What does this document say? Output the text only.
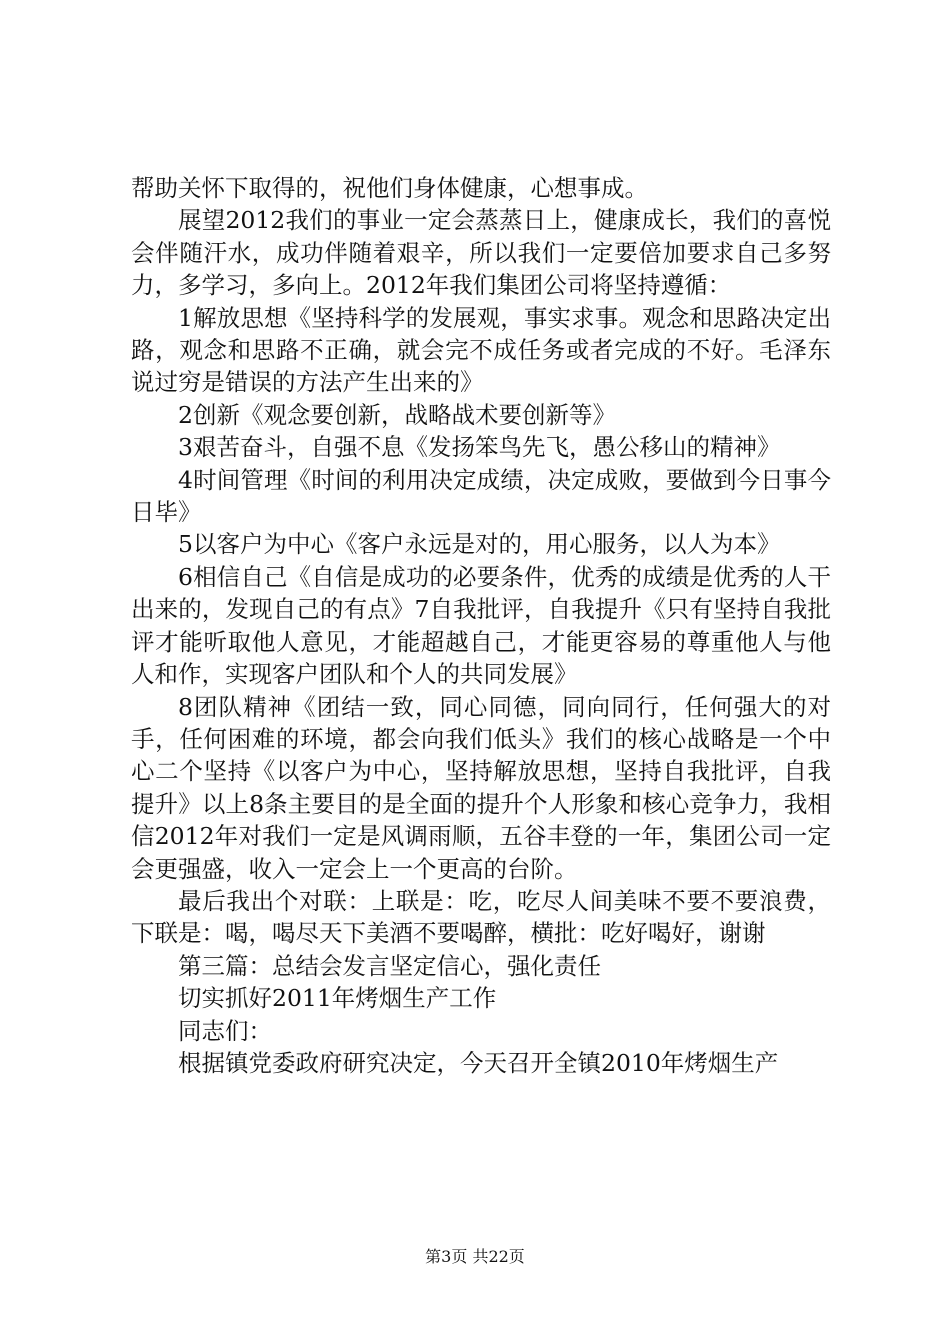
帮助关怀下取得的，祝他们身体健康，心想事成。

展望2012我们的事业一定会蒸蒸日上，健康成长，我们的喜悦会伴随汗水，成功伴随着艰辛，所以我们一定要倍加要求自己多努力，多学习，多向上。2012年我们集团公司将坚持遵循：

1解放思想《坚持科学的发展观，事实求事。观念和思路决定出路，观念和思路不正确，就会完不成任务或者完成的不好。毛泽东说过穷是错误的方法产生出来的》

2创新《观念要创新，战略战术要创新等》

3艰苦奋斗，自强不息《发扬笨鸟先飞，愚公移山的精神》

4时间管理《时间的利用决定成绩，决定成败，要做到今日事今日毕》

5以客户为中心《客户永远是对的，用心服务，以人为本》

6相信自己《自信是成功的必要条件，优秀的成绩是优秀的人干出来的，发现自己的有点》7自我批评，自我提升《只有坚持自我批评才能听取他人意见，才能超越自己，才能更容易的尊重他人与他人和作，实现客户团队和个人的共同发展》

8团队精神《团结一致，同心同德，同向同行，任何强大的对手，任何困难的环境，都会向我们低头》我们的核心战略是一个中心二个坚持《以客户为中心，坚持解放思想，坚持自我批评，自我提升》以上8条主要目的是全面的提升个人形象和核心竞争力，我相信2012年对我们一定是风调雨顺，五谷丰登的一年，集团公司一定会更强盛，收入一定会上一个更高的台阶。

最后我出个对联：上联是：吃，吃尽人间美味不要不要浪费，下联是：喝，喝尽天下美酒不要喝醉，横批：吃好喝好，谢谢

第三篇：总结会发言坚定信心，强化责任

切实抓好2011年烤烟生产工作

同志们：

根据镇党委政府研究决定，今天召开全镇2010年烤烟生产

第3页 共22页
